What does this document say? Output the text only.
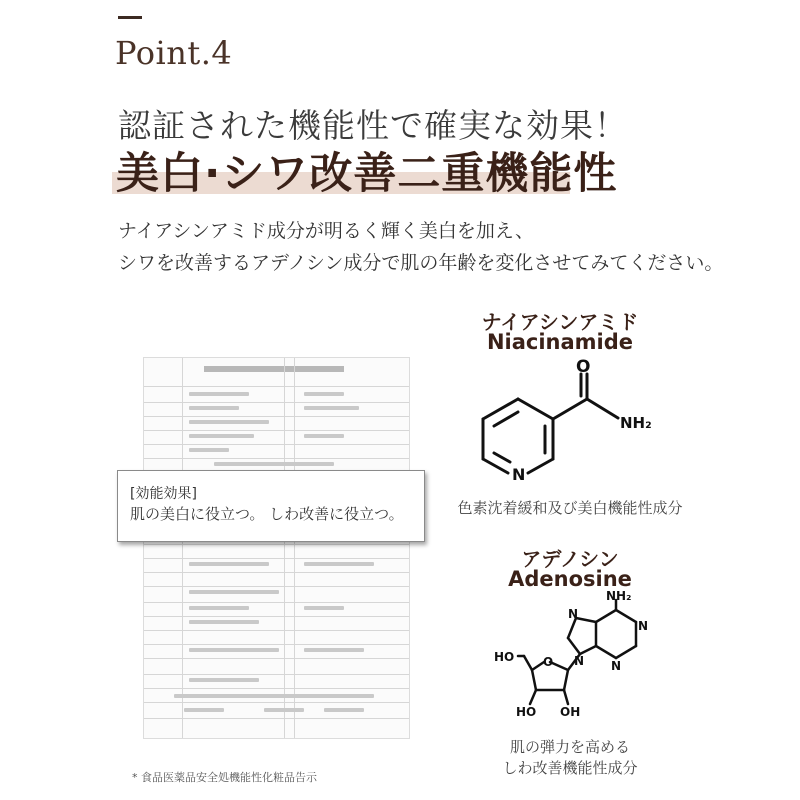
Point.4
認証された機能性で確実な効果！
美白·シワ改善二重機能性
ナイアシンアミド成分が明るく輝く美白を加え、
シワを改善するアデノシン成分で肌の年齢を変化させてみてください。
[効能効果]
肌の美白に役立つ。 しわ改善に役立つ。
ナイアシンアミド
Niacinamide
O
NH₂
N
色素沈着緩和及び美白機能性成分
アデノシン
Adenosine
NH₂
N
N
N
N
O
HO
HO OH
肌の弾力を高める
しわ改善機能性成分
* 食品医薬品安全処機能性化粧品告示
